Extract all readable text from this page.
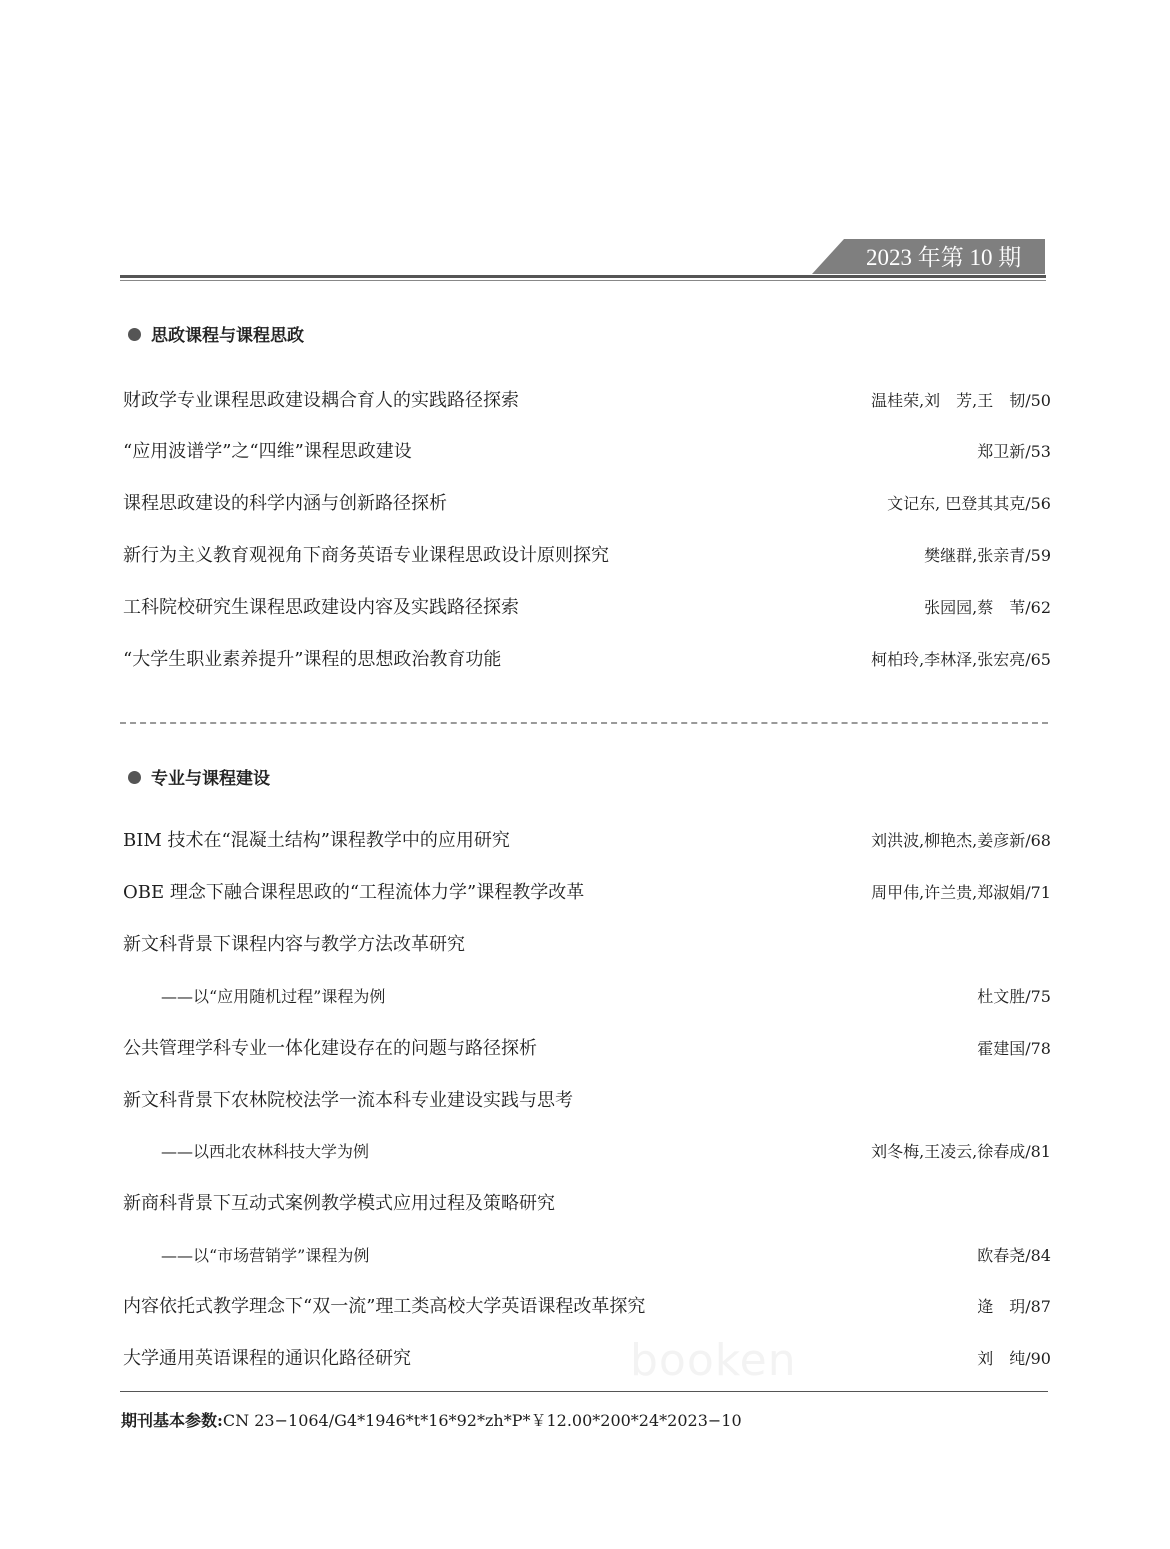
2023 年第 10 期
思政课程与课程思政
财政学专业课程思政建设耦合育人的实践路径探索	温桂荣,刘　芳,王　韧/50
“应用波谱学”之“四维”课程思政建设	郑卫新/53
课程思政建设的科学内涵与创新路径探析	文记东, 巴登其其克/56
新行为主义教育观视角下商务英语专业课程思政设计原则探究	樊继群,张亲青/59
工科院校研究生课程思政建设内容及实践路径探索	张园园,蔡　苇/62
“大学生职业素养提升”课程的思想政治教育功能	柯柏玲,李林泽,张宏亮/65
专业与课程建设
BIM 技术在“混凝土结构”课程教学中的应用研究	刘洪波,柳艳杰,姜彦新/68
OBE 理念下融合课程思政的“工程流体力学”课程教学改革	周甲伟,许兰贵,郑淑娟/71
新文科背景下课程内容与教学方法改革研究
——以“应用随机过程”课程为例	杜文胜/75
公共管理学科专业一体化建设存在的问题与路径探析	霍建国/78
新文科背景下农林院校法学一流本科专业建设实践与思考
——以西北农林科技大学为例	刘冬梅,王凌云,徐春成/81
新商科背景下互动式案例教学模式应用过程及策略研究
——以“市场营销学”课程为例	欧春尧/84
内容依托式教学理念下“双一流”理工类高校大学英语课程改革探究	逄　玥/87
大学通用英语课程的通识化路径研究	刘　纯/90
booken
期刊基本参数:CN 23−1064/G4*1946*t*16*92*zh*P*￥12.00*200*24*2023−10
